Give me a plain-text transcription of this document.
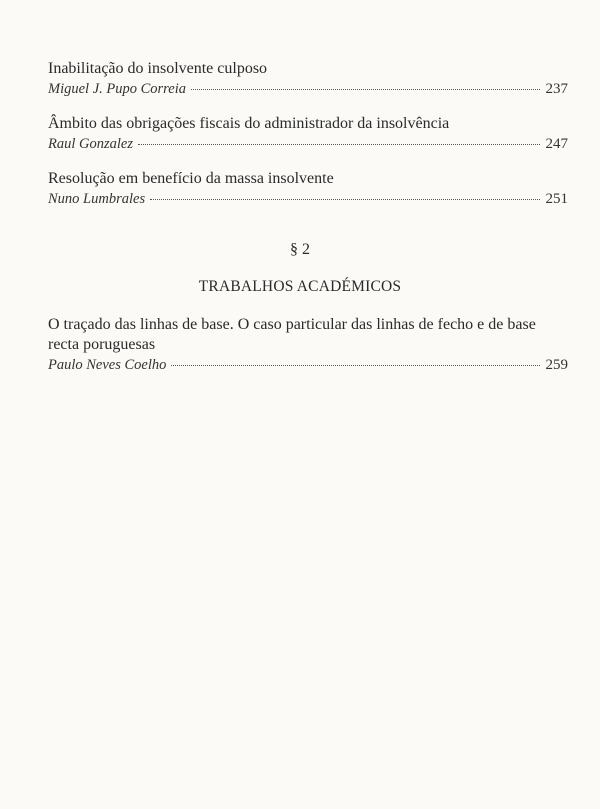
Inabilitação do insolvente culposo
Miguel J. Pupo Correia	237
Âmbito das obrigações fiscais do administrador da insolvência
Raul Gonzalez	247
Resolução em benefício da massa insolvente
Nuno Lumbrales	251
§ 2
TRABALHOS ACADÉMICOS
O traçado das linhas de base. O caso particular das linhas de fecho e de base
recta poruguesas
Paulo Neves Coelho	259
